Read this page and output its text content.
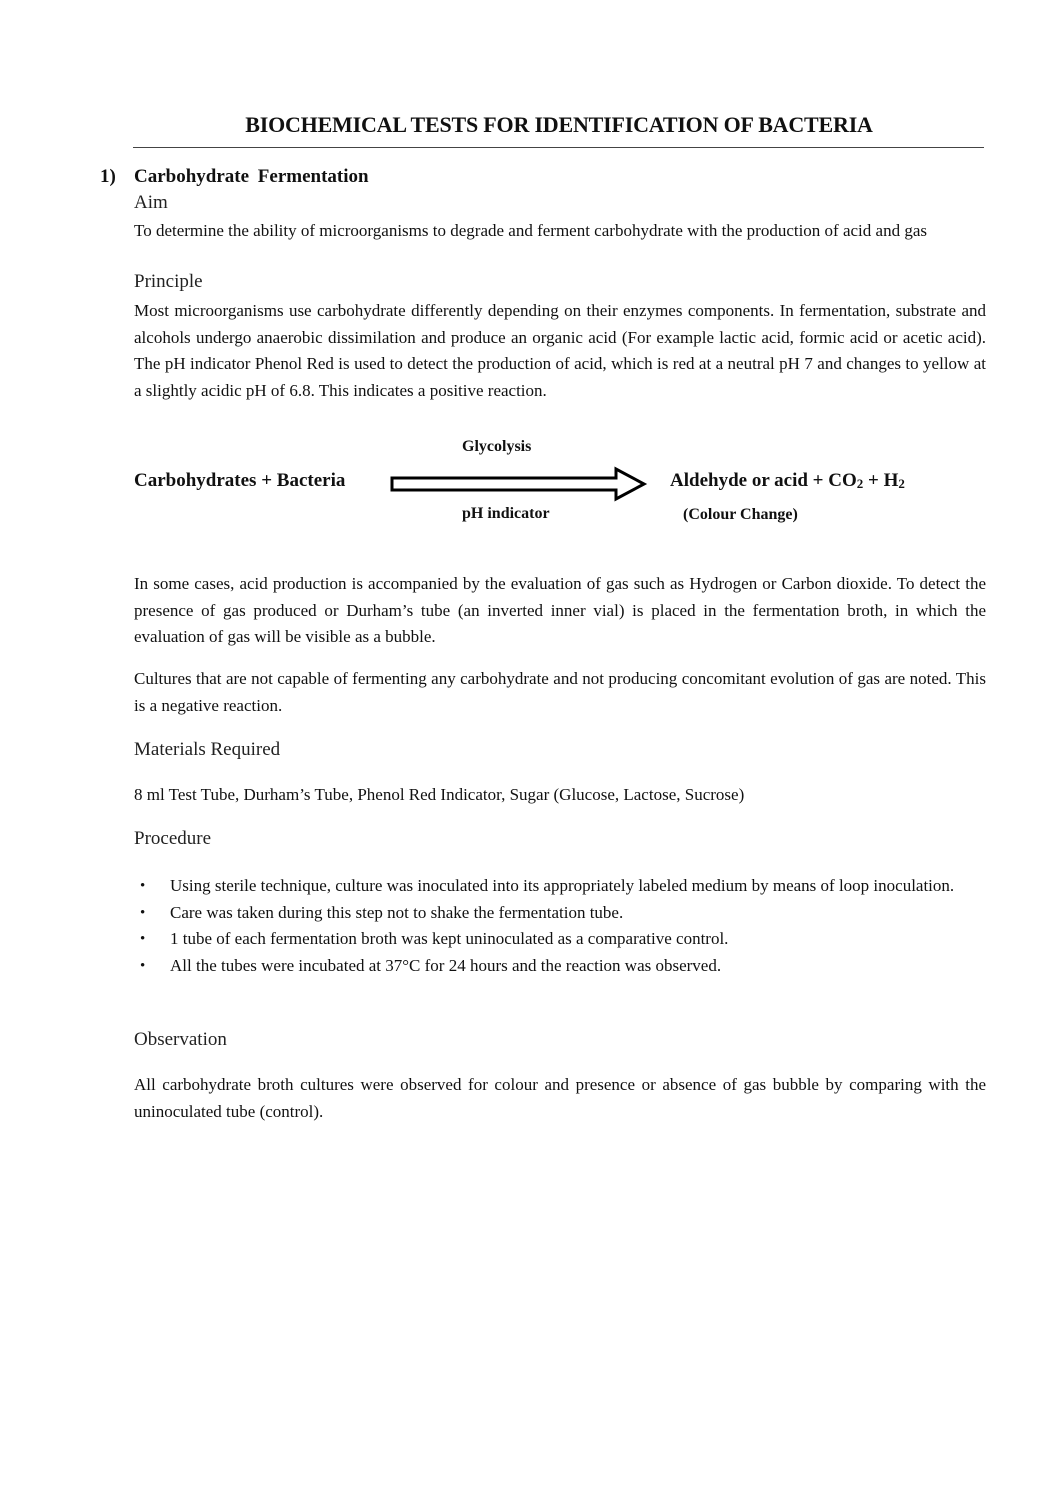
BIOCHEMICAL TESTS FOR IDENTIFICATION OF BACTERIA
1) Carbohydrate Fermentation
Aim
To determine the ability of microorganisms to degrade and ferment carbohydrate with the production of acid and gas
Principle
Most microorganisms use carbohydrate differently depending on their enzymes components. In fermentation, substrate and alcohols undergo anaerobic dissimilation and produce an organic acid (For example lactic acid, formic acid or acetic acid). The pH indicator Phenol Red is used to detect the production of acid, which is red at a neutral pH 7 and changes to yellow at a slightly acidic pH of 6.8. This indicates a positive reaction.
Glycolysis
Carbohydrates + Bacteria	Aldehyde or acid + $CO_2 + H_2$
pH indicator	(Colour Change)
In some cases, acid production is accompanied by the evaluation of gas such as Hydrogen or Carbon dioxide. To detect the presence of gas produced or Durham’s tube (an inverted inner vial) is placed in the fermentation broth, in which the evaluation of gas will be visible as a bubble.
Cultures that are not capable of fermenting any carbohydrate and not producing concomitant evolution of gas are noted. This is a negative reaction.
Materials Required
8 ml Test Tube, Durham’s Tube, Phenol Red Indicator, Sugar (Glucose, Lactose, Sucrose)
Procedure
• Using sterile technique, culture was inoculated into its appropriately labeled medium by means of loop inoculation.
• Care was taken during this step not to shake the fermentation tube.
• 1 tube of each fermentation broth was kept uninoculated as a comparative control.
• All the tubes were incubated at 37°C for 24 hours and the reaction was observed.
Observation
All carbohydrate broth cultures were observed for colour and presence or absence of gas bubble by comparing with the uninoculated tube (control).
